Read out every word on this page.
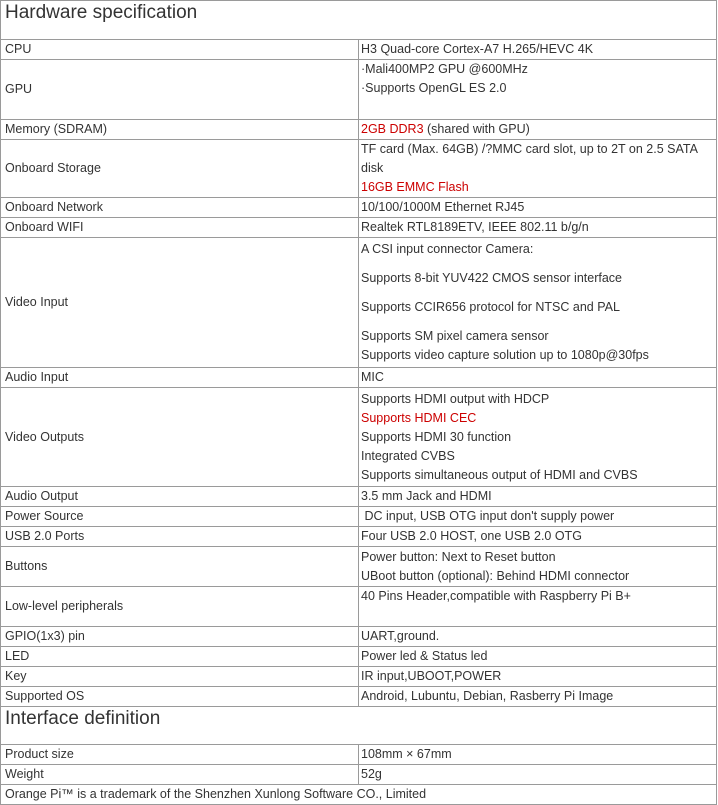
Hardware specification	
CPU	H3 Quad-core Cortex-A7 H.265/HEVC 4K
GPU	·Mali400MP2 GPU @600MHz
·Supports OpenGL ES 2.0

Memory (SDRAM)	2GB DDR3 (shared with GPU)
Onboard Storage	TF card (Max. 64GB) /?MMC card slot, up to 2T on 2.5 SATA disk
16GB EMMC Flash

Onboard Network	10/100/1000M Ethernet RJ45
Onboard WIFI	Realtek RTL8189ETV, IEEE 802.11 b/g/n
Video Input	A CSI input connector Camera:
Supports 8-bit YUV422 CMOS sensor interface
Supports CCIR656 protocol for NTSC and PAL
Supports SM pixel camera sensor
Supports video capture solution up to 1080p@30fps

Audio Input	MIC
Video Outputs	Supports HDMI output with HDCP
Supports HDMI CEC
Supports HDMI 30 function
Integrated CVBS
Supports simultaneous output of HDMI and CVBS

Audio Output	3.5 mm Jack and HDMI
Power Source	DC input, USB OTG input don't supply power
USB 2.0 Ports	Four USB 2.0 HOST, one USB 2.0 OTG
Buttons	Power button: Next to Reset button
UBoot button (optional): Behind HDMI connector

Low-level peripherals	40 Pins Header,compatible with Raspberry Pi B+
GPIO(1x3) pin	UART,ground.
LED	Power led & Status led
Key	IR input,UBOOT,POWER
Supported OS	Android, Lubuntu, Debian, Rasberry Pi Image
Interface definition	
Product size	108mm × 67mm
Weight	52g
Orange Pi™ is a trademark of the Shenzhen Xunlong Software CO., Limited	
